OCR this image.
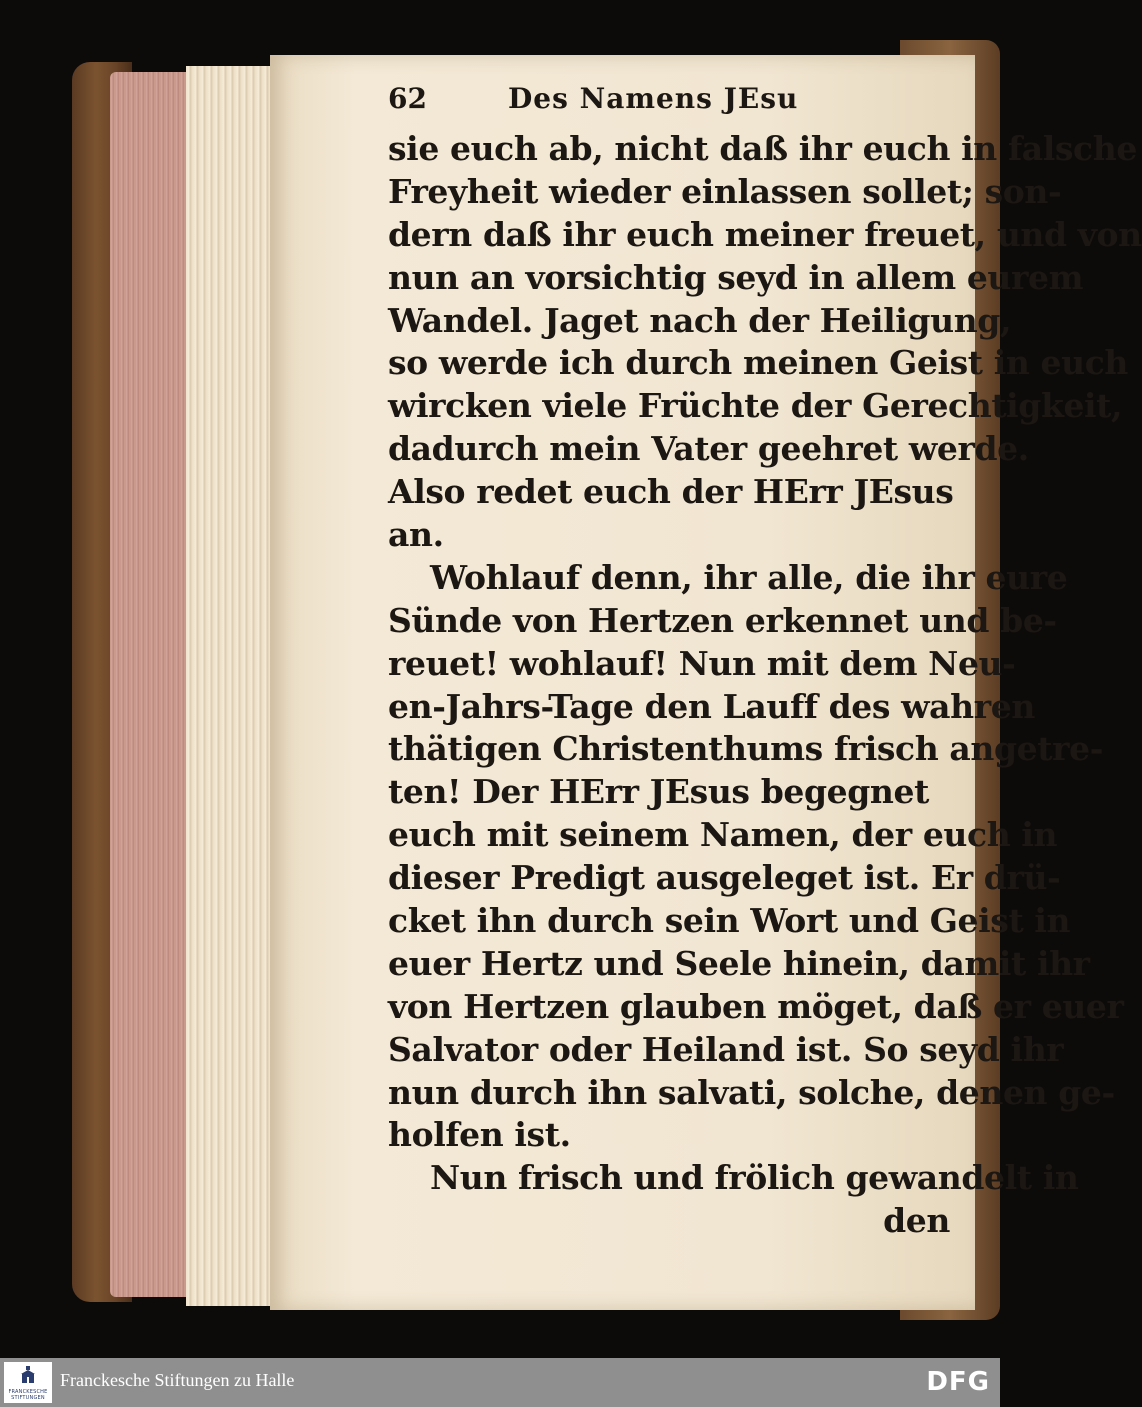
62	Des Namens JEsu
sie euch ab, nicht daß ihr euch in falsche
Freyheit wieder einlassen sollet; son-
dern daß ihr euch meiner freuet, und von
nun an vorsichtig seyd in allem eurem
Wandel. Jaget nach der Heiligung,
so werde ich durch meinen Geist in euch
wircken viele Früchte der Gerechtigkeit,
dadurch mein Vater geehret werde.
Also redet euch der HErr JEsus
an.
Wohlauf denn, ihr alle, die ihr eure
Sünde von Hertzen erkennet und be-
reuet! wohlauf! Nun mit dem Neu-
en-Jahrs-Tage den Lauff des wahren
thätigen Christenthums frisch angetre-
ten! Der HErr JEsus begegnet
euch mit seinem Namen, der euch in
dieser Predigt ausgeleget ist. Er drü-
cket ihn durch sein Wort und Geist in
euer Hertz und Seele hinein, damit ihr
von Hertzen glauben möget, daß er euer
Salvator oder Heiland ist. So seyd ihr
nun durch ihn salvati, solche, denen ge-
holfen ist.
Nun frisch und frölich gewandelt in
den
FRANCKESCHE STIFTUNGEN
Franckesche Stiftungen zu Halle	DFG
